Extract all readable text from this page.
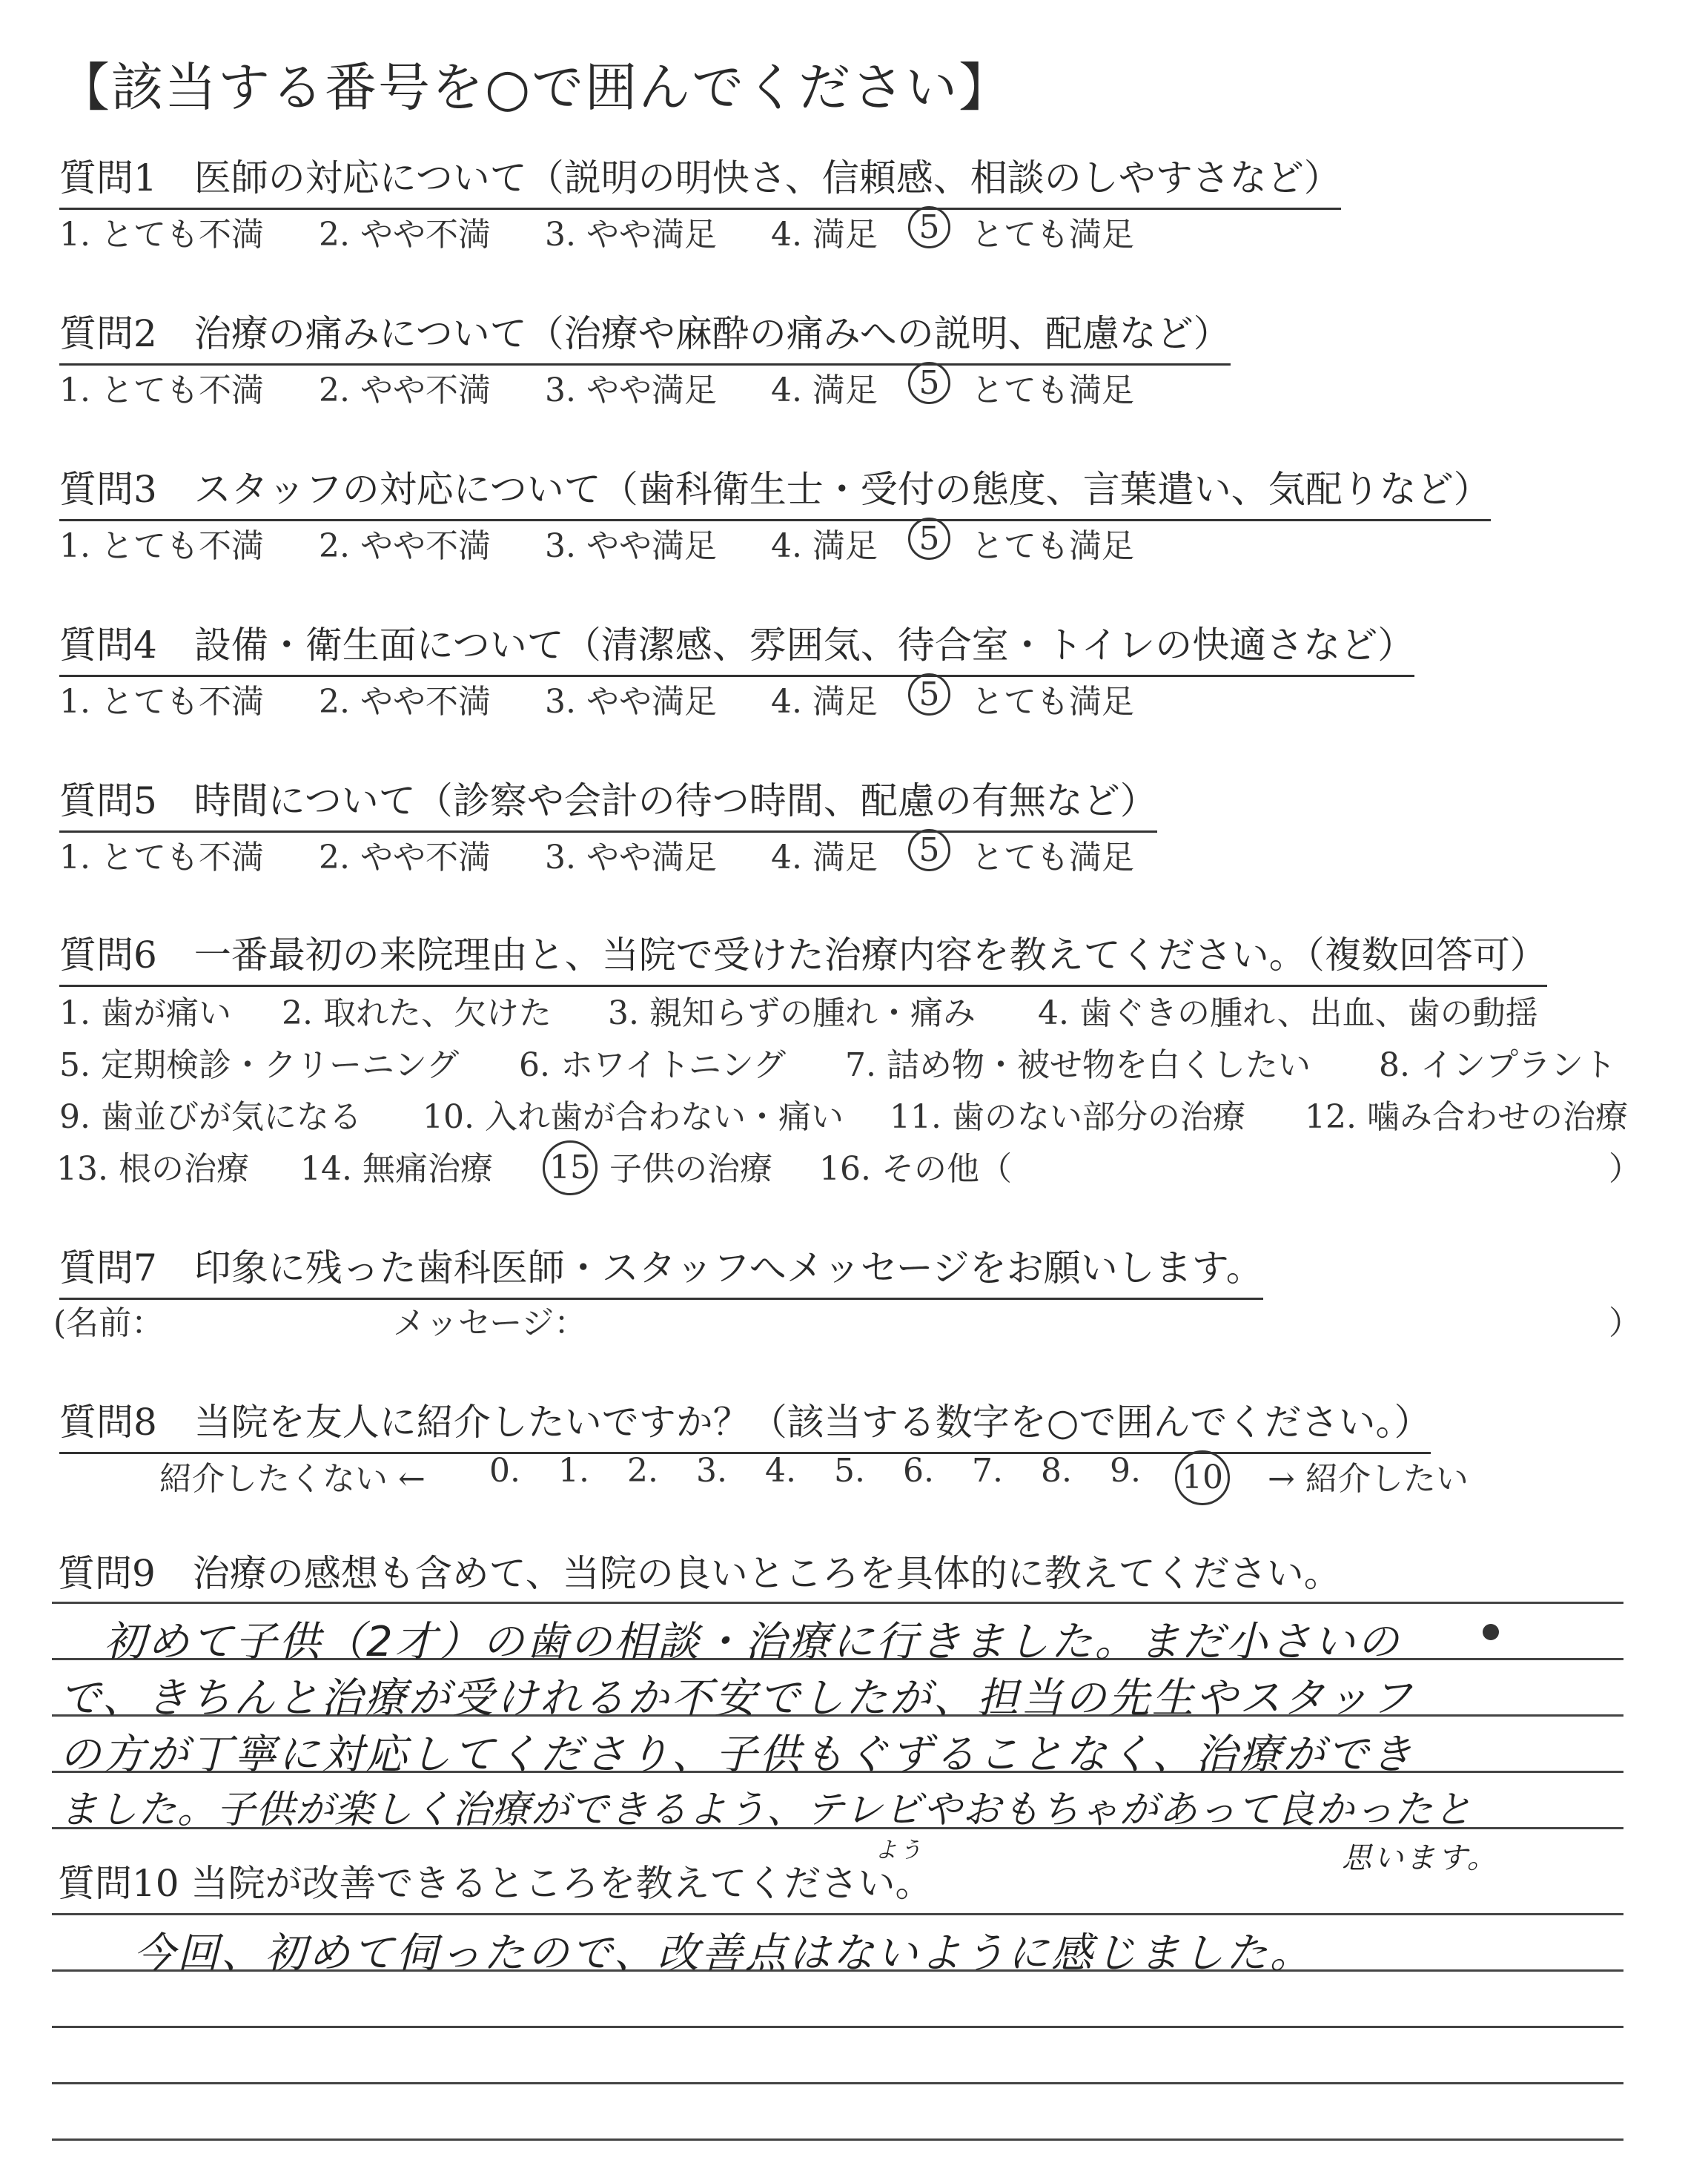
【該当する番号を○で囲んでください】
質問1　医師の対応について（説明の明快さ、信頼感、相談のしやすさなど）
1. とても不満 2. やや不満 3. やや満足 4. 満足	5 とても満足
質問2　治療の痛みについて（治療や麻酔の痛みへの説明、配慮など）
1. とても不満 2. やや不満 3. やや満足 4. 満足	5 とても満足
質問3　スタッフの対応について（歯科衛生士・受付の態度、言葉遣い、気配りなど）
1. とても不満 2. やや不満 3. やや満足 4. 満足	5 とても満足
質問4　設備・衛生面について（清潔感、雰囲気、待合室・トイレの快適さなど）
1. とても不満 2. やや不満 3. やや満足 4. 満足	5 とても満足
質問5　時間について（診察や会計の待つ時間、配慮の有無など）
1. とても不満 2. やや不満 3. やや満足 4. 満足	5 とても満足
質問6　一番最初の来院理由と、当院で受けた治療内容を教えてください。（複数回答可）
1. 歯が痛い 2. 取れた、欠けた 3. 親知らずの腫れ・痛み 4. 歯ぐきの腫れ、出血、歯の動揺
5. 定期検診・クリーニング 6. ホワイトニング 7. 詰め物・被せ物を白くしたい 8. インプラント
9. 歯並びが気になる 10. 入れ歯が合わない・痛い 11. 歯のない部分の治療 12. 噛み合わせの治療
13. 根の治療 14. 無痛治療 15 子供の治療 16. その他（	）
質問7　印象に残った歯科医師・スタッフへメッセージをお願いします。
(名前：	メッセージ：	）
質問8　当院を友人に紹介したいですか？（該当する数字を○で囲んでください。）
紹介したくない ← 0. 1. 2. 3. 4. 5. 6. 7. 8. 9. 10 → 紹介したい
質問9　治療の感想も含めて、当院の良いところを具体的に教えてください。
初めて子供（2才）の歯の相談・治療に行きました。まだ小さいの
で、きちんと治療が受けれるか不安でしたが、担当の先生やスタッフ
の方が丁寧に対応してくださり、子供もぐずることなく、治療ができ
ました。子供が楽しく治療ができるよう、テレビやおもちゃがあって良かったと
よう	思います。
質問10 当院が改善できるところを教えてください。
今回、初めて伺ったので、改善点はないように感じました。
